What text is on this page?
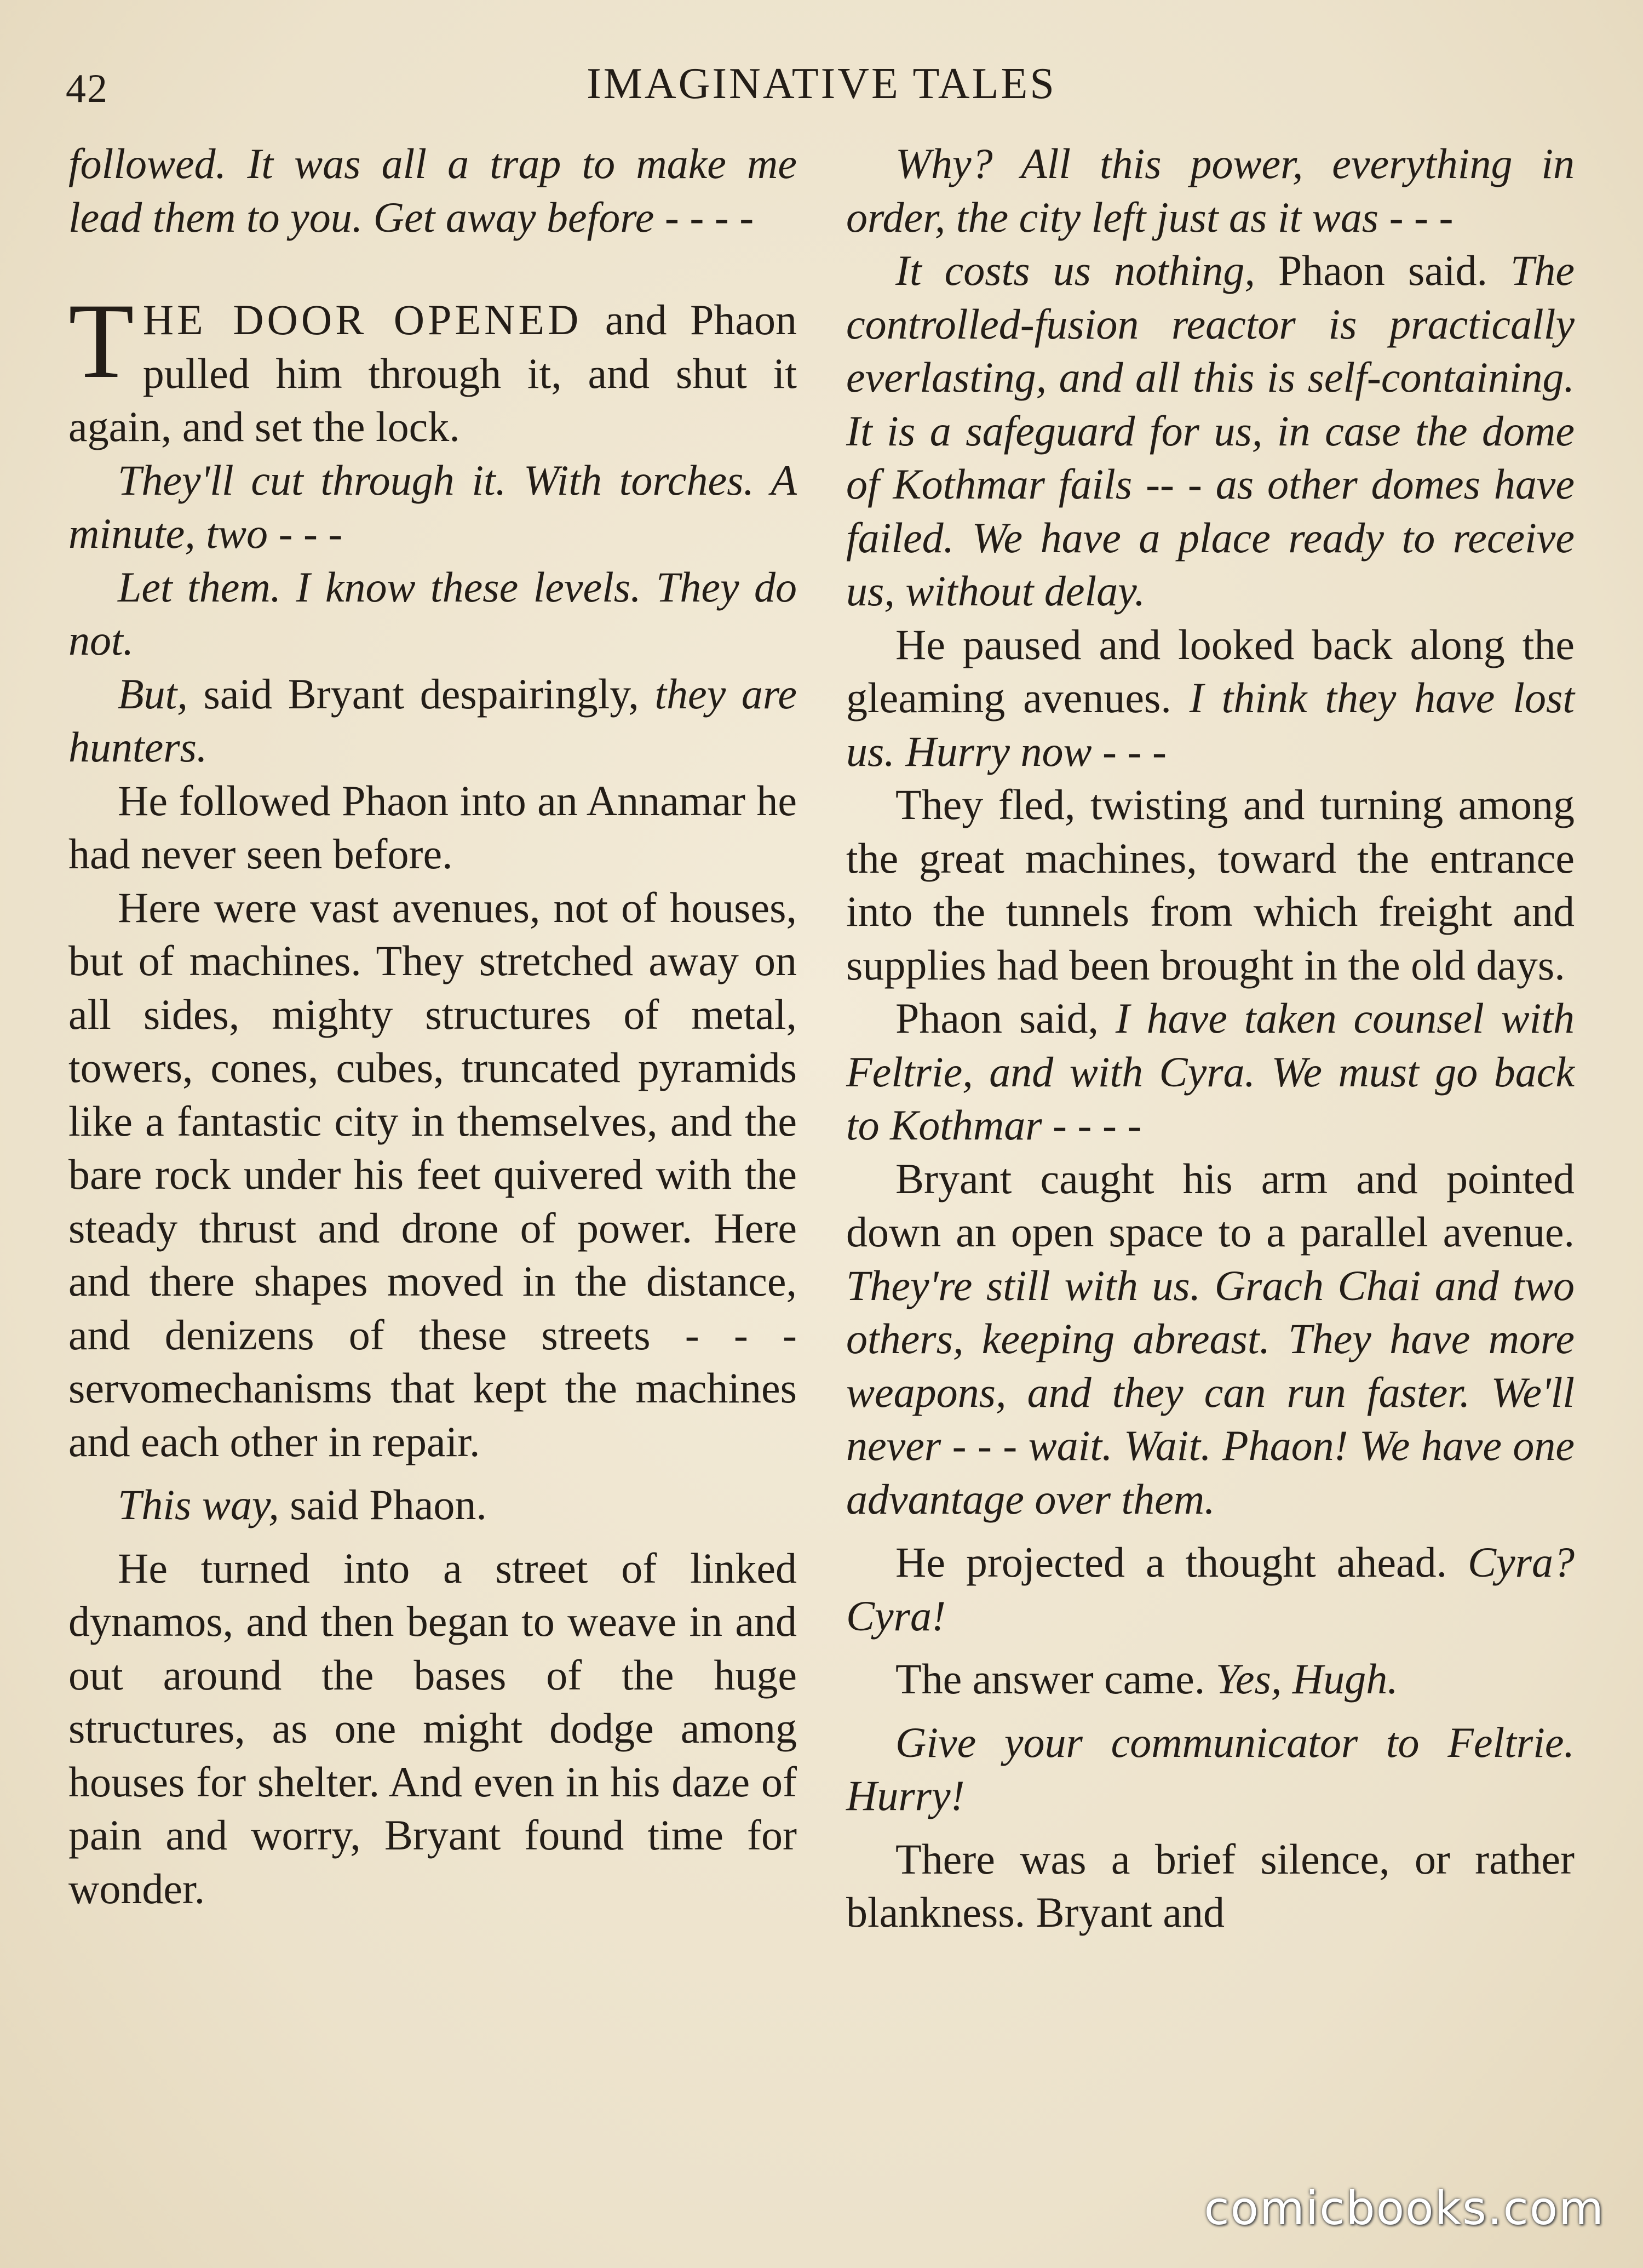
42	IMAGINATIVE TALES

followed. It was all a trap to make me lead them to you. Get away before - - - -

THE DOOR OPENED and Phaon pulled him through it, and shut it again, and set the lock.

They'll cut through it. With torches. A minute, two - - -

Let them. I know these levels. They do not.

But, said Bryant despairingly, they are hunters.

He followed Phaon into an Annamar he had never seen before.

Here were vast avenues, not of houses, but of machines. They stretched away on all sides, mighty structures of metal, towers, cones, cubes, truncated pyramids like a fantastic city in themselves, and the bare rock under his feet quivered with the steady thrust and drone of power. Here and there shapes moved in the distance, and denizens of these streets - - - servomechanisms that kept the machines and each other in repair.

This way, said Phaon.

He turned into a street of linked dynamos, and then began to weave in and out around the bases of the huge structures, as one might dodge among houses for shelter. And even in his daze of pain and worry, Bryant found time for wonder.

Why? All this power, everything in order, the city left just as it was - - -

It costs us nothing, Phaon said. The controlled-fusion reactor is practically everlasting, and all this is self-containing. It is a safeguard for us, in case the dome of Kothmar fails -- - as other domes have failed. We have a place ready to receive us, without delay.

He paused and looked back along the gleaming avenues. I think they have lost us. Hurry now - - -

They fled, twisting and turning among the great machines, toward the entrance into the tunnels from which freight and supplies had been brought in the old days.

Phaon said, I have taken counsel with Feltrie, and with Cyra. We must go back to Kothmar - - - -

Bryant caught his arm and pointed down an open space to a parallel avenue. They're still with us. Grach Chai and two others, keeping abreast. They have more weapons, and they can run faster. We'll never - - - wait. Wait. Phaon! We have one advantage over them.

He projected a thought ahead. Cyra? Cyra!

The answer came. Yes, Hugh.

Give your communicator to Feltrie. Hurry!

There was a brief silence, or rather blankness. Bryant and

comicbooks.com
